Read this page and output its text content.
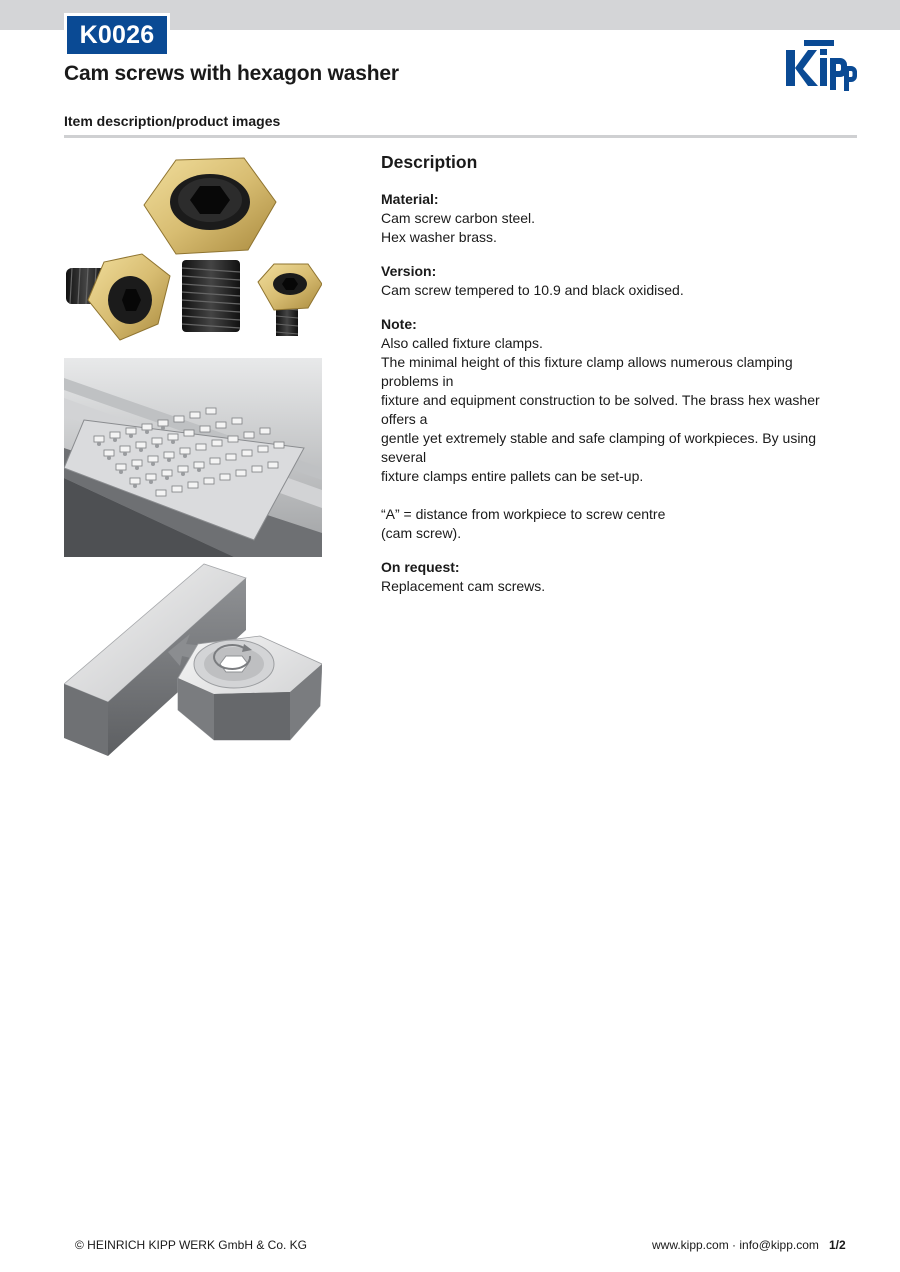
K0026
Cam screws with hexagon washer
Item description/product images
Description

Material:

Cam screw carbon steel.

Hex washer brass.

Version:

Cam screw tempered to 10.9 and black oxidised.

Note:

Also called fixture clamps.

The minimal height of this fixture clamp allows numerous clamping problems in

fixture and equipment construction to be solved. The brass hex washer offers a

gentle yet extremely stable and safe clamping of workpieces. By using several

fixture clamps entire pallets can be set-up.

“A” = distance from workpiece to screw centre

(cam screw).

On request:

Replacement cam screws.

© HEINRICH KIPP WERK GmbH & Co. KG	www.kipp.com · info@kipp.com 1/2
